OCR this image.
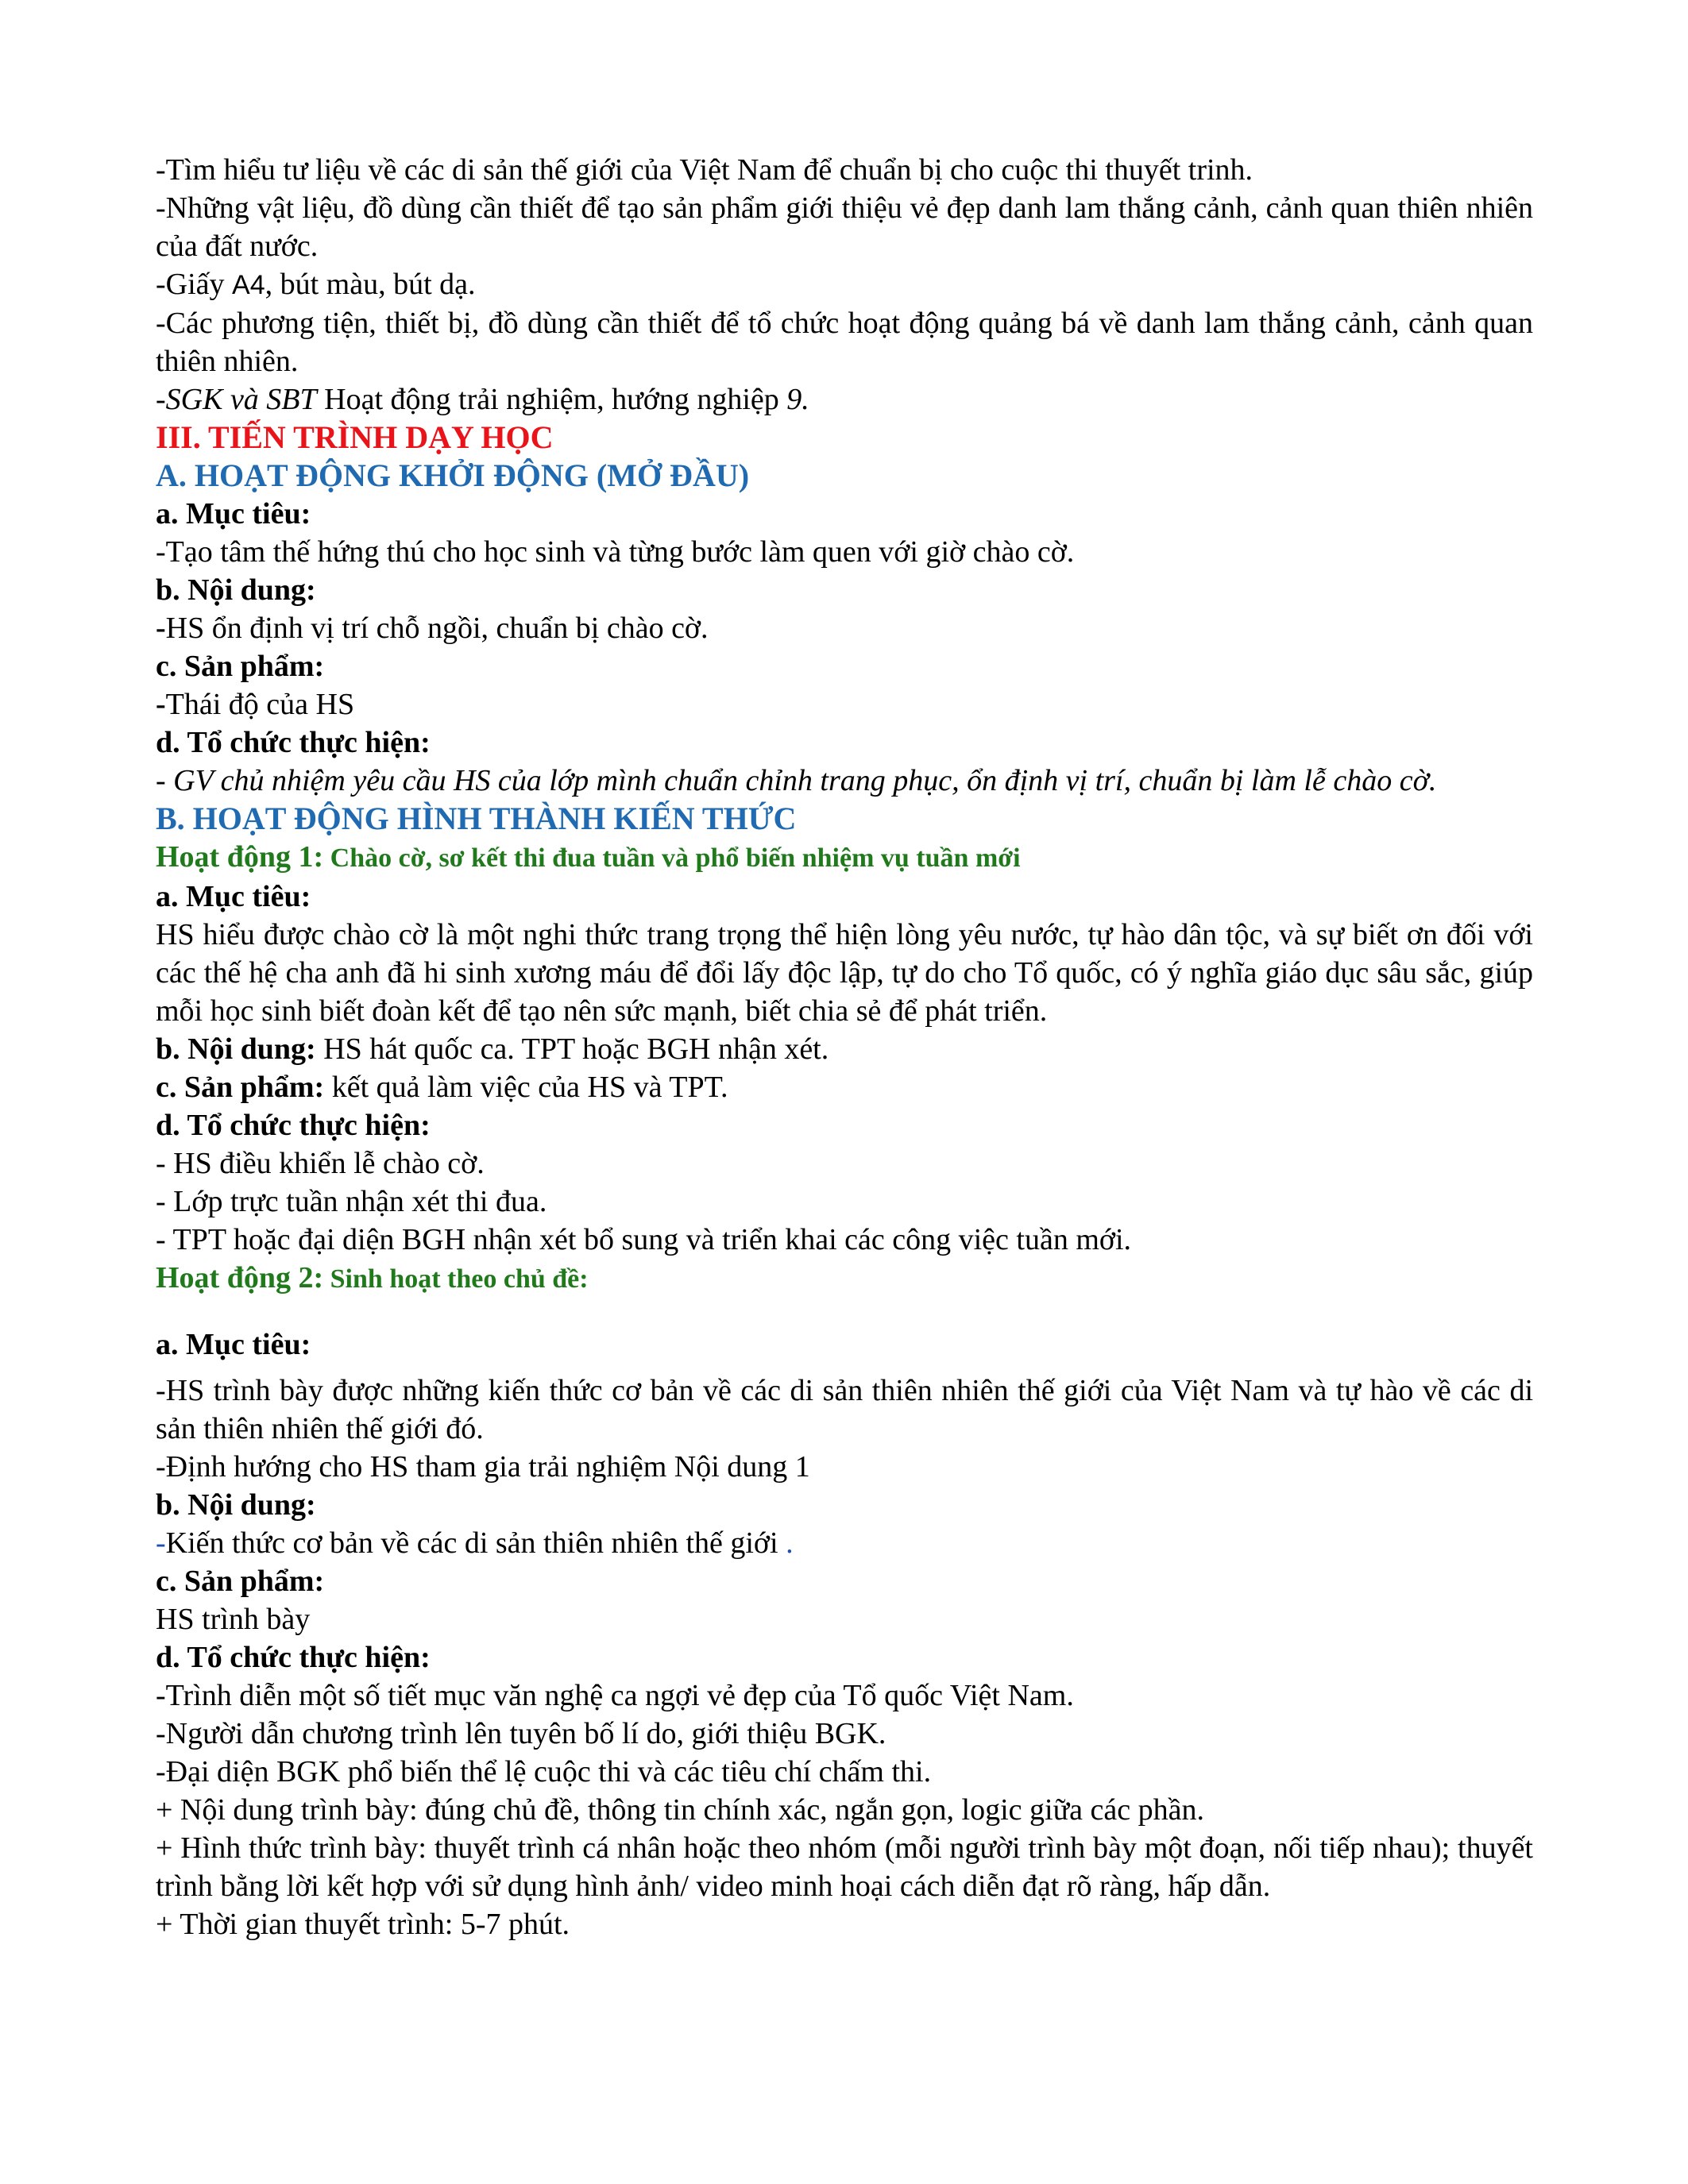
-Tìm hiểu tư liệu về các di sản thế giới của Việt Nam để chuẩn bị cho cuộc thi thuyết trinh.

-Những vật liệu, đồ dùng cần thiết để tạo sản phẩm giới thiệu vẻ đẹp danh lam thắng cảnh, cảnh quan thiên nhiên của đất nước.

-Giấy A4, bút màu, bút dạ.

-Các phương tiện, thiết bị, đồ dùng cần thiết để tổ chức hoạt động quảng bá về danh lam thắng cảnh, cảnh quan thiên nhiên.

-SGK và SBT Hoạt động trải nghiệm, hướng nghiệp 9.

III. TIẾN TRÌNH DẠY HỌC

A. HOẠT ĐỘNG KHỞI ĐỘNG (MỞ ĐẦU)

a. Mục tiêu:

-Tạo tâm thế hứng thú cho học sinh và từng bước làm quen với giờ chào cờ.

b. Nội dung:

-HS ổn định vị trí chỗ ngồi, chuẩn bị chào cờ.

c. Sản phẩm:

-Thái độ của HS

d. Tổ chức thực hiện:

- GV chủ nhiệm yêu cầu HS của lớp mình chuẩn chỉnh trang phục, ổn định vị trí, chuẩn bị làm lễ chào cờ.

B. HOẠT ĐỘNG HÌNH THÀNH KIẾN THỨC

Hoạt động 1: Chào cờ, sơ kết thi đua tuần và phổ biến nhiệm vụ tuần mới

a. Mục tiêu:

HS hiểu được chào cờ là một nghi thức trang trọng thể hiện lòng yêu nước, tự hào dân tộc, và sự biết ơn đối với các thế hệ cha anh đã hi sinh xương máu để đổi lấy độc lập, tự do cho Tổ quốc, có ý nghĩa giáo dục sâu sắc, giúp mỗi học sinh biết đoàn kết để tạo nên sức mạnh, biết chia sẻ để phát triển.

b. Nội dung: HS hát quốc ca. TPT hoặc BGH nhận xét.

c. Sản phẩm: kết quả làm việc của HS và TPT.

d. Tổ chức thực hiện:

- HS điều khiển lễ chào cờ.

- Lớp trực tuần nhận xét thi đua.

- TPT hoặc đại diện BGH nhận xét bổ sung và triển khai các công việc tuần mới.

Hoạt động 2: Sinh hoạt theo chủ đề:

a. Mục tiêu:

-HS trình bày được những kiến thức cơ bản về các di sản thiên nhiên thế giới của Việt Nam và tự hào về các di sản thiên nhiên thế giới đó.

-Định hướng cho HS tham gia trải nghiệm Nội dung 1

b. Nội dung:

-Kiến thức cơ bản về các di sản thiên nhiên thế giới .

c. Sản phẩm:

HS trình bày

d. Tổ chức thực hiện:

-Trình diễn một số tiết mục văn nghệ ca ngợi vẻ đẹp của Tổ quốc Việt Nam.

-Người dẫn chương trình lên tuyên bố lí do, giới thiệu BGK.

-Đại diện BGK phổ biến thể lệ cuộc thi và các tiêu chí chấm thi.

+ Nội dung trình bày: đúng chủ đề, thông tin chính xác, ngắn gọn, logic giữa các phần.

+ Hình thức trình bày: thuyết trình cá nhân hoặc theo nhóm (mỗi người trình bày một đoạn, nối tiếp nhau); thuyết trình bằng lời kết hợp với sử dụng hình ảnh/ video minh hoại cách diễn đạt rõ ràng, hấp dẫn.

+ Thời gian thuyết trình: 5-7 phút.
